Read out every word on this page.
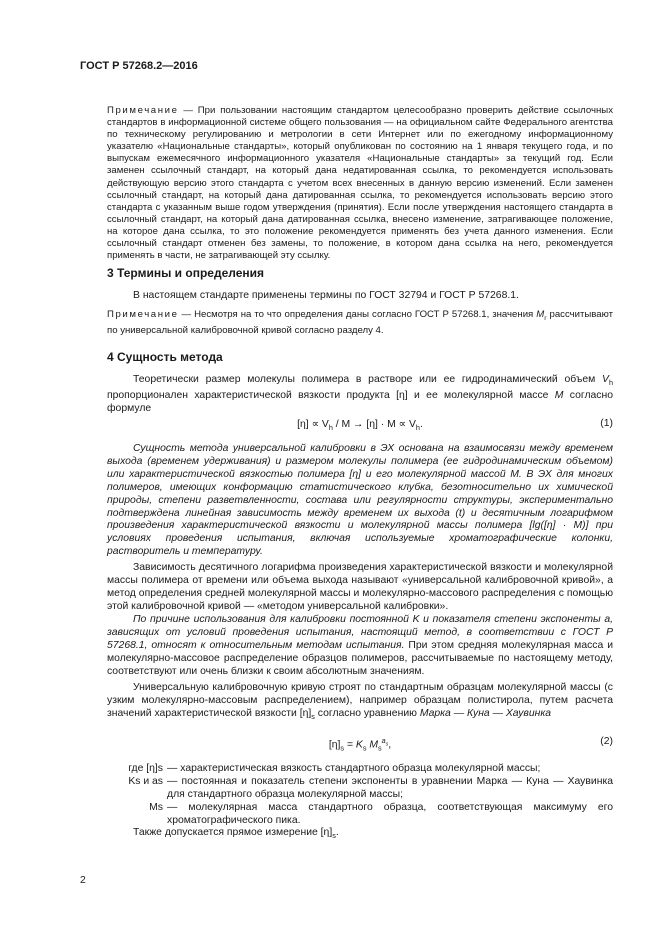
ГОСТ Р 57268.2—2016
Примечание — При пользовании настоящим стандартом целесообразно проверить действие ссылочных стандартов в информационной системе общего пользования — на официальном сайте Федерального агентства по техническому регулированию и метрологии в сети Интернет или по ежегодному информационному указателю «Национальные стандарты», который опубликован по состоянию на 1 января текущего года, и по выпускам ежемесячного информационного указателя «Национальные стандарты» за текущий год. Если заменен ссылочный стандарт, на который дана недатированная ссылка, то рекомендуется использовать действующую версию этого стандарта с учетом всех внесенных в данную версию изменений. Если заменен ссылочный стандарт, на который дана датированная ссылка, то рекомендуется использовать версию этого стандарта с указанным выше годом утверждения (принятия). Если после утверждения настоящего стандарта в ссылочный стандарт, на который дана датированная ссылка, внесено изменение, затрагивающее положение, на которое дана ссылка, то это положение рекомендуется применять без учета данного изменения. Если ссылочный стандарт отменен без замены, то положение, в котором дана ссылка на него, рекомендуется применять в части, не затрагивающей эту ссылку.
3 Термины и определения
В настоящем стандарте применены термины по ГОСТ 32794 и ГОСТ Р 57268.1.
Примечание — Несмотря на то что определения даны согласно ГОСТ Р 57268.1, значения $M_r$ рассчитывают по универсальной калибровочной кривой согласно разделу 4.
4 Сущность метода
Теоретически размер молекулы полимера в растворе или ее гидродинамический объем $V_h$ пропорционален характеристической вязкости продукта [η] и ее молекулярной массе M согласно формуле
$[\eta] \propto V_h / M \to [\eta] \cdot M \propto V_h$.	(1)
Сущность метода универсальной калибровки в ЭХ основана на взаимосвязи между временем выхода (временем удерживания) и размером молекулы полимера (ее гидродинамическим объемом) или характеристической вязкостью полимера [η] и его молекулярной массой M. В ЭХ для многих полимеров, имеющих конформацию статистического клубка, безотносительно их химической природы, степени разветвленности, состава или регулярности структуры, экспериментально подтверждена линейная зависимость между временем их выхода (t) и десятичным логарифмом произведения характеристической вязкости и молекулярной массы полимера [lg([η] · M)] при условиях проведения испытания, включая используемые хроматографические колонки, растворитель и температуру.
Зависимость десятичного логарифма произведения характеристической вязкости и молекулярной массы полимера от времени или объема выхода называют «универсальной калибровочной кривой», а метод определения средней молекулярной массы и молекулярно-массового распределения с помощью этой калибровочной кривой — «методом универсальной калибровки».
По причине использования для калибровки постоянной K и показателя степени экспоненты a, зависящих от условий проведения испытания, настоящий метод, в соответствии с ГОСТ Р 57268.1, относят к относительным методам испытания. При этом средняя молекулярная масса и молекулярно-массовое распределение образцов полимеров, рассчитываемые по настоящему методу, соответствуют или очень близки к своим абсолютным значениям.
Универсальную калибровочную кривую строят по стандартным образцам молекулярной массы (с узким молекулярно-массовым распределением), например образцам полистирола, путем расчета значений характеристической вязкости $[\eta]_s$ согласно уравнению Марка — Куна — Хаувинка
$[\eta]_s = K_s$ $M_s^{a_s}$,	(2)
где [η]s — характеристическая вязкость стандартного образца молекулярной массы;
Ks и as — постоянная и показатель степени экспоненты в уравнении Марка — Куна — Хаувинка для стандартного образца молекулярной массы;
Ms — молекулярная масса стандартного образца, соответствующая максимуму его хроматографического пика.
Также допускается прямое измерение $[\eta]_s$.
2
